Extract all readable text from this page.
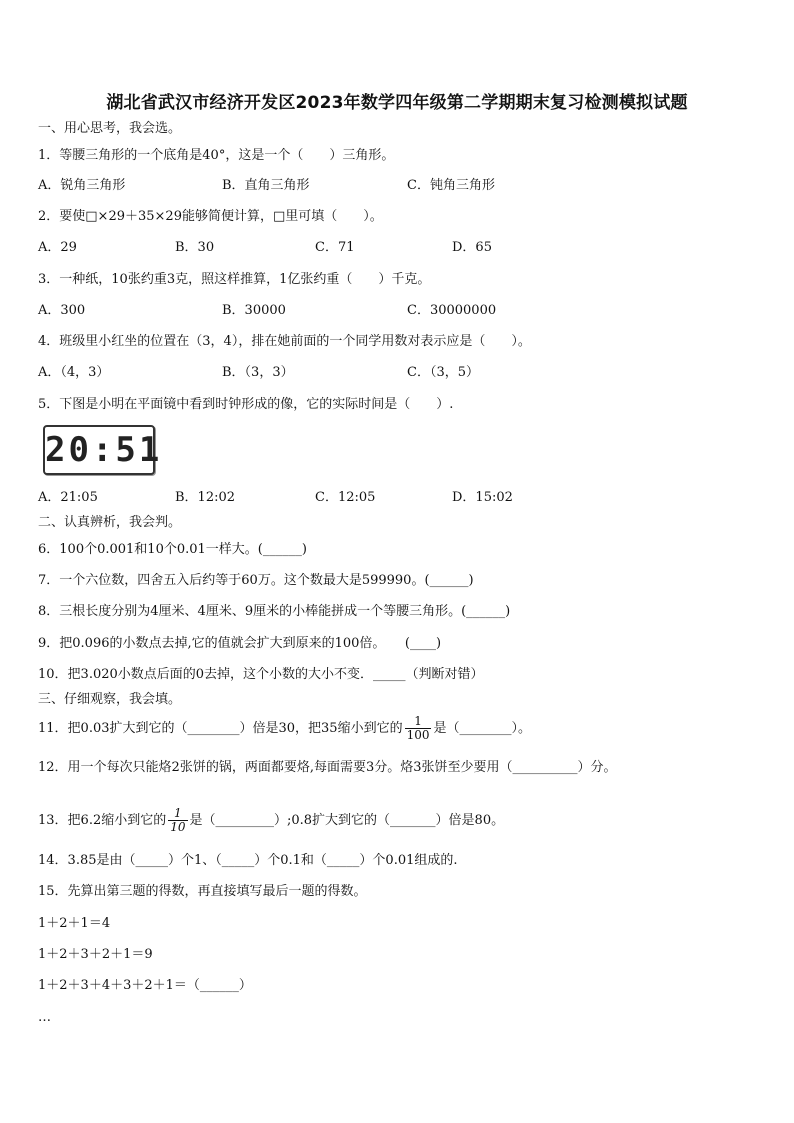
湖北省武汉市经济开发区2023年数学四年级第二学期期末复习检测模拟试题
一、用心思考，我会选。
1．等腰三角形的一个底角是40°，这是一个（　　）三角形。
A．锐角三角形	B．直角三角形	C．钝角三角形
2．要使□×29＋35×29能够简便计算，□里可填（　　）。
A．29	B．30	C．71	D．65
3．一种纸，10张约重3克，照这样推算，1亿张约重（　　）千克。
A．300	B．30000	C．30000000
4．班级里小红坐的位置在（3，4），排在她前面的一个同学用数对表示应是（　　）。
A．（4，3）	B．（3，3）	C．（3，5）
5．下图是小明在平面镜中看到时钟形成的像，它的实际时间是（　　）.
20:51
A．21:05	B．12:02	C．12:05	D．15:02
二、认真辨析，我会判。
6．100个0.001和10个0.01一样大。(______)
7．一个六位数，四舍五入后约等于60万。这个数最大是599990。(______)
8．三根长度分别为4厘米、4厘米、9厘米的小棒能拼成一个等腰三角形。(______)
9．把0.096的小数点去掉,它的值就会扩大到原来的100倍。　　(____)
10．把3.020小数点后面的0去掉，这个小数的大小不变．_____（判断对错）
三、仔细观察，我会填。
11．把0.03扩大到它的（________）倍是30，把35缩小到它的 $\frac{1}{100}$ 是（________）。
12．用一个每次只能烙2张饼的锅，两面都要烙,每面需要3分。烙3张饼至少要用（__________）分。
13．把6.2缩小到它的 $\frac{1}{10}$ 是（_________）;0.8扩大到它的（_______）倍是80。
14．3.85是由（_____）个1、（_____）个0.1和（_____）个0.01组成的.
15．先算出第三题的得数，再直接填写最后一题的得数。
1＋2＋1＝4
1＋2＋3＋2＋1＝9
1＋2＋3＋4＋3＋2＋1＝（______）
…
